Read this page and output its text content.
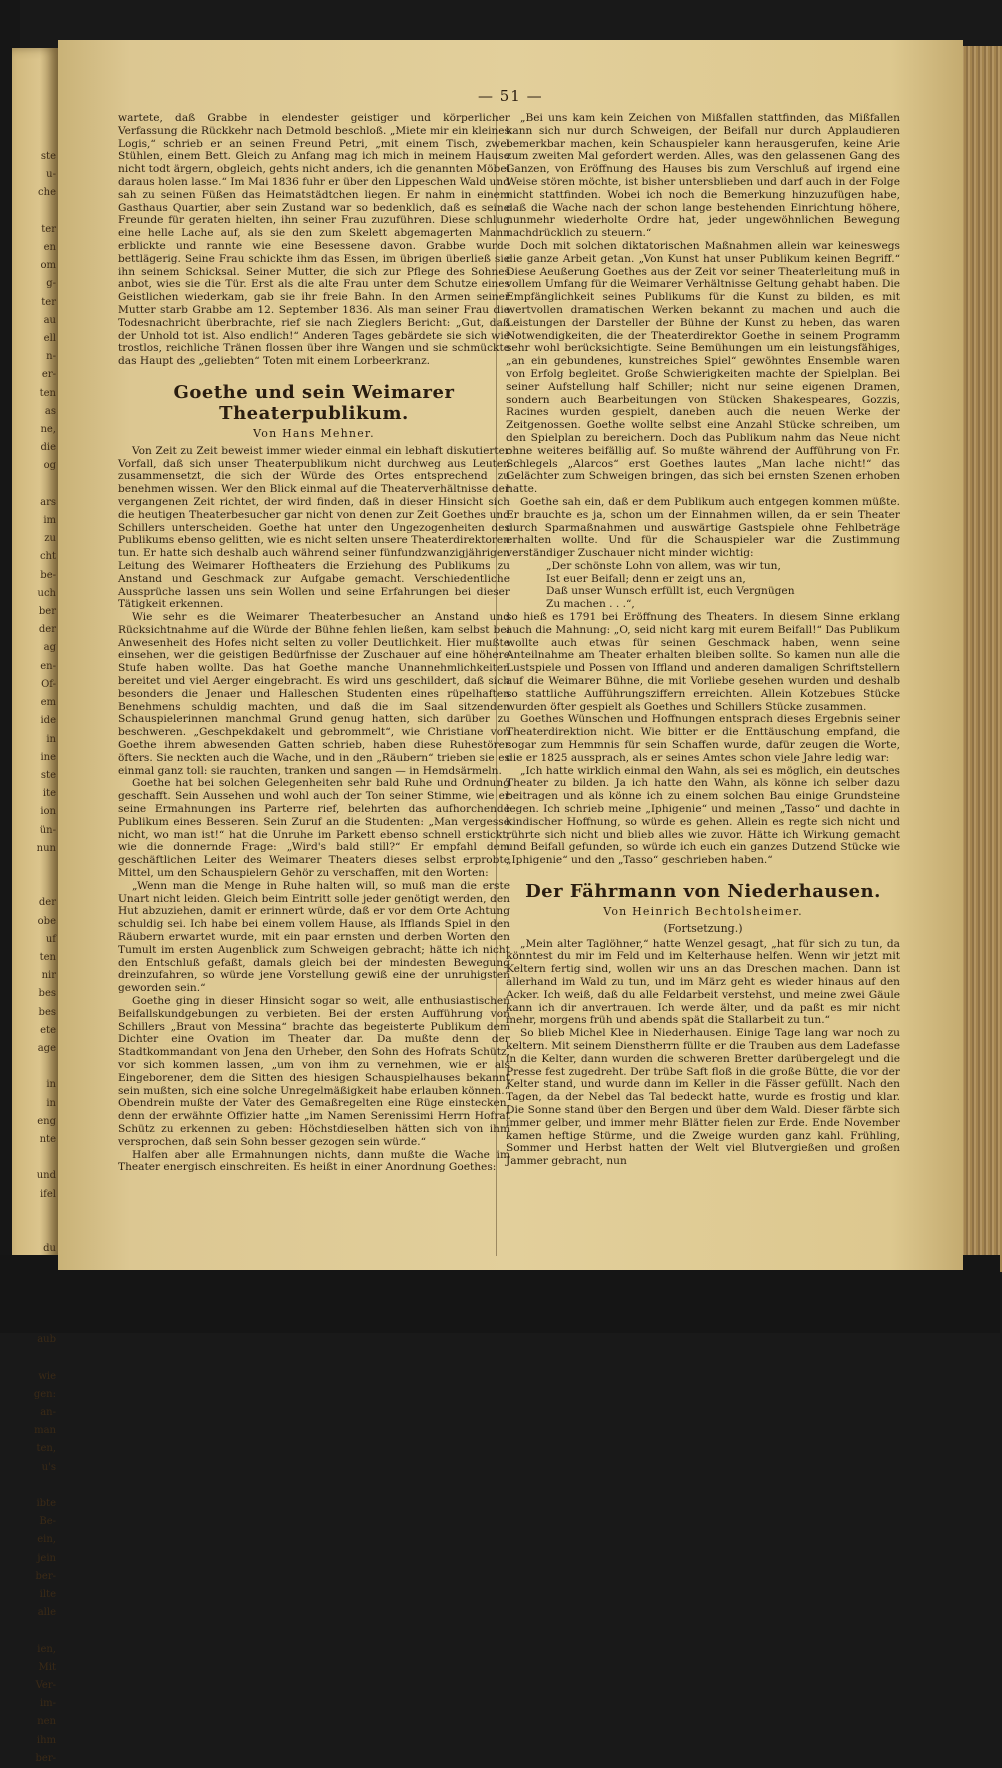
ste
u-
che

ter
en
om
g-
ter
au
ell
n-
er-
ten
as
ne,
die
og

ars
im
zu
cht
be-
uch
ber
der
ag
en-
Of-
em
ide
in
ine
ste
ite
ion
ün-
nun

der
obe
uf
ten
nir
bes
bes
ete
age

in
in
eng
nte

und
ifel

du
aub

wie
gen:
an-
man
ten,
u's

ibte
Be-
ein,
jein
ber-
ilte
alle

ien,
Mit
Ver-
im-
nen
ihm
ber-
— 51 —

wartete, daß Grabbe in elendester geistiger und körperlicher Verfassung die Rückkehr nach Detmold beschloß. „Miete mir ein kleines Logis,“ schrieb er an seinen Freund Petri, „mit einem Tisch, zwei Stühlen, einem Bett. Gleich zu Anfang mag ich mich in meinem Hause nicht todt ärgern, obgleich, gehts nicht anders, ich die genannten Möbel daraus holen lasse.“ Im Mai 1836 fuhr er über den Lippeschen Wald und sah zu seinen Füßen das Heimatstädtchen liegen. Er nahm in einem Gasthaus Quartier, aber sein Zustand war so bedenklich, daß es seine Freunde für geraten hielten, ihn seiner Frau zuzuführen. Diese schlug eine helle Lache auf, als sie den zum Skelett abgemagerten Mann erblickte und rannte wie eine Besessene davon. Grabbe wurde bettlägerig. Seine Frau schickte ihm das Essen, im übrigen überließ sie ihn seinem Schicksal. Seiner Mutter, die sich zur Pflege des Sohnes anbot, wies sie die Tür. Erst als die alte Frau unter dem Schutze eines Geistlichen wiederkam, gab sie ihr freie Bahn. In den Armen seiner Mutter starb Grabbe am 12. September 1836. Als man seiner Frau die Todesnachricht überbrachte, rief sie nach Zieglers Bericht: „Gut, daß der Unhold tot ist. Also endlich!“ Anderen Tages gebärdete sie sich wie trostlos, reichliche Tränen flossen über ihre Wangen und sie schmückte das Haupt des „geliebten“ Toten mit einem Lorbeerkranz.

Goethe und sein Weimarer Theaterpublikum.
Von Hans Mehner.

Von Zeit zu Zeit beweist immer wieder einmal ein lebhaft diskutierter Vorfall, daß sich unser Theaterpublikum nicht durchweg aus Leuten zusammensetzt, die sich der Würde des Ortes entsprechend zu benehmen wissen. Wer den Blick einmal auf die Theaterverhältnisse der vergangenen Zeit richtet, der wird finden, daß in dieser Hinsicht sich die heutigen Theaterbesucher gar nicht von denen zur Zeit Goethes und Schillers unterscheiden. Goethe hat unter den Ungezogenheiten des Publikums ebenso gelitten, wie es nicht selten unsere Theaterdirektoren tun. Er hatte sich deshalb auch während seiner fünfundzwanzigjährigen Leitung des Weimarer Hoftheaters die Erziehung des Publikums zu Anstand und Geschmack zur Aufgabe gemacht. Verschiedentliche Aussprüche lassen uns sein Wollen und seine Erfahrungen bei dieser Tätigkeit erkennen.

Wie sehr es die Weimarer Theaterbesucher an Anstand und Rücksichtnahme auf die Würde der Bühne fehlen ließen, kam selbst bei Anwesenheit des Hofes nicht selten zu voller Deutlichkeit. Hier mußte einsehen, wer die geistigen Bedürfnisse der Zuschauer auf eine höhere Stufe haben wollte. Das hat Goethe manche Unannehmlichkeiten bereitet und viel Aerger eingebracht. Es wird uns geschildert, daß sich besonders die Jenaer und Halleschen Studenten eines rüpelhaften Benehmens schuldig machten, und daß die im Saal sitzenden Schauspielerinnen manchmal Grund genug hatten, sich darüber zu beschweren. „Geschpekdakelt und gebrommelt“, wie Christiane von Goethe ihrem abwesenden Gatten schrieb, haben diese Ruhestörer öfters. Sie neckten auch die Wache, und in den „Räubern“ trieben sie es einmal ganz toll: sie rauchten, tranken und sangen — in Hemdsärmeln.

Goethe hat bei solchen Gelegenheiten sehr bald Ruhe und Ordnung geschafft. Sein Aussehen und wohl auch der Ton seiner Stimme, wie er seine Ermahnungen ins Parterre rief, belehrten das aufhorchende Publikum eines Besseren. Sein Zuruf an die Studenten: „Man vergesse nicht, wo man ist!“ hat die Unruhe im Parkett ebenso schnell erstickt, wie die donnernde Frage: „Wird's bald still?“ Er empfahl dem geschäftlichen Leiter des Weimarer Theaters dieses selbst erprobte Mittel, um den Schauspielern Gehör zu verschaffen, mit den Worten:

„Wenn man die Menge in Ruhe halten will, so muß man die erste Unart nicht leiden. Gleich beim Eintritt solle jeder genötigt werden, den Hut abzuziehen, damit er erinnert würde, daß er vor dem Orte Achtung schuldig sei. Ich habe bei einem vollem Hause, als Ifflands Spiel in den Räubern erwartet wurde, mit ein paar ernsten und derben Worten den Tumult im ersten Augenblick zum Schweigen gebracht; hätte ich nicht den Entschluß gefaßt, damals gleich bei der mindesten Bewegung dreinzufahren, so würde jene Vorstellung gewiß eine der unruhigsten geworden sein.“

Goethe ging in dieser Hinsicht sogar so weit, alle enthusiastischen Beifallskundgebungen zu verbieten. Bei der ersten Aufführung von Schillers „Braut von Messina“ brachte das begeisterte Publikum dem Dichter eine Ovation im Theater dar. Da mußte denn der Stadtkommandant von Jena den Urheber, den Sohn des Hofrats Schütz, vor sich kommen lassen, „um von ihm zu vernehmen, wie er als Eingeborener, dem die Sitten des hiesigen Schauspielhauses bekannt sein mußten, sich eine solche Unregelmäßigkeit habe erlauben können.“ Obendrein mußte der Vater des Gemaßregelten eine Rüge einstecken, denn der erwähnte Offizier hatte „im Namen Serenissimi Herrn Hofrat Schütz zu erkennen zu geben: Höchstdieselben hätten sich von ihm versprochen, daß sein Sohn besser gezogen sein würde.“

Halfen aber alle Ermahnungen nichts, dann mußte die Wache im Theater energisch einschreiten. Es heißt in einer Anordnung Goethes:

„Bei uns kam kein Zeichen von Mißfallen stattfinden, das Mißfallen kann sich nur durch Schweigen, der Beifall nur durch Applaudieren bemerkbar machen, kein Schauspieler kann herausgerufen, keine Arie zum zweiten Mal gefordert werden. Alles, was den gelassenen Gang des Ganzen, von Eröffnung des Hauses bis zum Verschluß auf irgend eine Weise stören möchte, ist bisher untersblieben und darf auch in der Folge nicht stattfinden. Wobei ich noch die Bemerkung hinzuzufügen habe, daß die Wache nach der schon lange bestehenden Einrichtung höhere, nunmehr wiederholte Ordre hat, jeder ungewöhnlichen Bewegung nachdrücklich zu steuern.“

Doch mit solchen diktatorischen Maßnahmen allein war keineswegs die ganze Arbeit getan. „Von Kunst hat unser Publikum keinen Begriff.“ Diese Aeußerung Goethes aus der Zeit vor seiner Theaterleitung muß in vollem Umfang für die Weimarer Verhältnisse Geltung gehabt haben. Die Empfänglichkeit seines Publikums für die Kunst zu bilden, es mit wertvollen dramatischen Werken bekannt zu machen und auch die Leistungen der Darsteller der Bühne der Kunst zu heben, das waren Notwendigkeiten, die der Theaterdirektor Goethe in seinem Programm sehr wohl berücksichtigte. Seine Bemühungen um ein leistungsfähiges, „an ein gebundenes, kunstreiches Spiel“ gewöhntes Ensemble waren von Erfolg begleitet. Große Schwierigkeiten machte der Spielplan. Bei seiner Aufstellung half Schiller; nicht nur seine eigenen Dramen, sondern auch Bearbeitungen von Stücken Shakespeares, Gozzis, Racines wurden gespielt, daneben auch die neuen Werke der Zeitgenossen. Goethe wollte selbst eine Anzahl Stücke schreiben, um den Spielplan zu bereichern. Doch das Publikum nahm das Neue nicht ohne weiteres beifällig auf. So mußte während der Aufführung von Fr. Schlegels „Alarcos“ erst Goethes lautes „Man lache nicht!“ das Gelächter zum Schweigen bringen, das sich bei ernsten Szenen erhoben hatte.

Goethe sah ein, daß er dem Publikum auch entgegen kommen müßte. Er brauchte es ja, schon um der Einnahmen willen, da er sein Theater durch Sparmaßnahmen und auswärtige Gastspiele ohne Fehlbeträge erhalten wollte. Und für die Schauspieler war die Zustimmung verständiger Zuschauer nicht minder wichtig:

„Der schönste Lohn von allem, was wir tun,
Ist euer Beifall; denn er zeigt uns an,
Daß unser Wunsch erfüllt ist, euch Vergnügen
Zu machen . . .“,

so hieß es 1791 bei Eröffnung des Theaters. In diesem Sinne erklang auch die Mahnung: „O, seid nicht karg mit eurem Beifall!“ Das Publikum wollte auch etwas für seinen Geschmack haben, wenn seine Anteilnahme am Theater erhalten bleiben sollte. So kamen nun alle die Lustspiele und Possen von Iffland und anderen damaligen Schriftstellern auf die Weimarer Bühne, die mit Vorliebe gesehen wurden und deshalb so stattliche Aufführungsziffern erreichten. Allein Kotzebues Stücke wurden öfter gespielt als Goethes und Schillers Stücke zusammen.

Goethes Wünschen und Hoffnungen entsprach dieses Ergebnis seiner Theaterdirektion nicht. Wie bitter er die Enttäuschung empfand, die sogar zum Hemmnis für sein Schaffen wurde, dafür zeugen die Worte, die er 1825 aussprach, als er seines Amtes schon viele Jahre ledig war:

„Ich hatte wirklich einmal den Wahn, als sei es möglich, ein deutsches Theater zu bilden. Ja ich hatte den Wahn, als könne ich selber dazu beitragen und als könne ich zu einem solchen Bau einige Grundsteine legen. Ich schrieb meine „Iphigenie“ und meinen „Tasso“ und dachte in kindischer Hoffnung, so würde es gehen. Allein es regte sich nicht und rührte sich nicht und blieb alles wie zuvor. Hätte ich Wirkung gemacht und Beifall gefunden, so würde ich euch ein ganzes Dutzend Stücke wie „Iphigenie“ und den „Tasso“ geschrieben haben.“

Der Fährmann von Niederhausen.
Von Heinrich Bechtolsheimer.
(Fortsetzung.)

„Mein alter Taglöhner,“ hatte Wenzel gesagt, „hat für sich zu tun, da könntest du mir im Feld und im Kelterhause helfen. Wenn wir jetzt mit Keltern fertig sind, wollen wir uns an das Dreschen machen. Dann ist allerhand im Wald zu tun, und im März geht es wieder hinaus auf den Acker. Ich weiß, daß du alle Feldarbeit verstehst, und meine zwei Gäule kann ich dir anvertrauen. Ich werde älter, und da paßt es mir nicht mehr, morgens früh und abends spät die Stallarbeit zu tun.“

So blieb Michel Klee in Niederhausen. Einige Tage lang war noch zu keltern. Mit seinem Dienstherrn füllte er die Trauben aus dem Ladefasse in die Kelter, dann wurden die schweren Bretter darübergelegt und die Presse fest zugedreht. Der trübe Saft floß in die große Bütte, die vor der Kelter stand, und wurde dann im Keller in die Fässer gefüllt. Nach den Tagen, da der Nebel das Tal bedeckt hatte, wurde es frostig und klar. Die Sonne stand über den Bergen und über dem Wald. Dieser färbte sich immer gelber, und immer mehr Blätter fielen zur Erde. Ende November kamen heftige Stürme, und die Zweige wurden ganz kahl. Frühling, Sommer und Herbst hatten der Welt viel Blutvergießen und großen Jammer gebracht, nun
